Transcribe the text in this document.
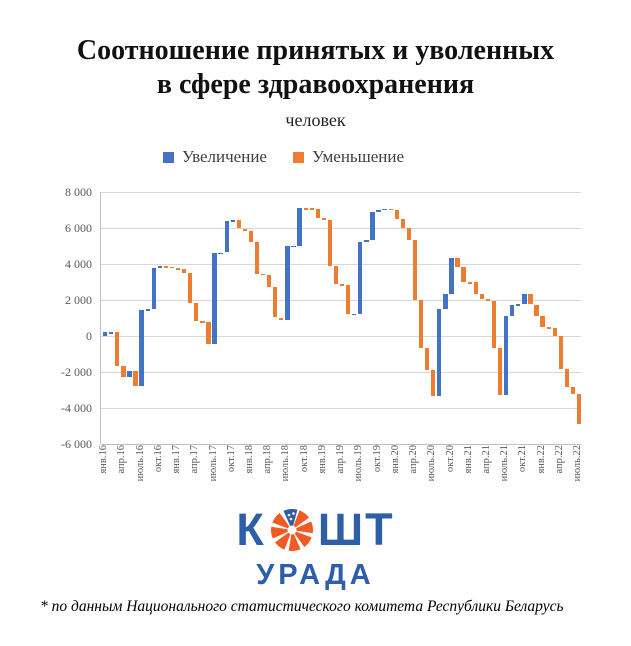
Соотношение принятых и уволенных
в сфере здравоохранения
человек
Увеличение	Уменьшение
8 000
6 000
4 000
2 000
0
-2 000
-4 000
-6 000
янв.16 апр.16 июль.16 окт.16 янв.17 апр.17 июль.17 окт.17 янв.18 апр.18 июль.18 окт.18 янв.19 апр.19 июль.19 окт.19 янв.20 апр.20 июль.20 окт.20 янв.21 апр.21 июль.21 окт.21 янв.22 апр.22 июль.22
К ШТ
УРАДА
* по данным Национального статистического комитета Республики Беларусь
